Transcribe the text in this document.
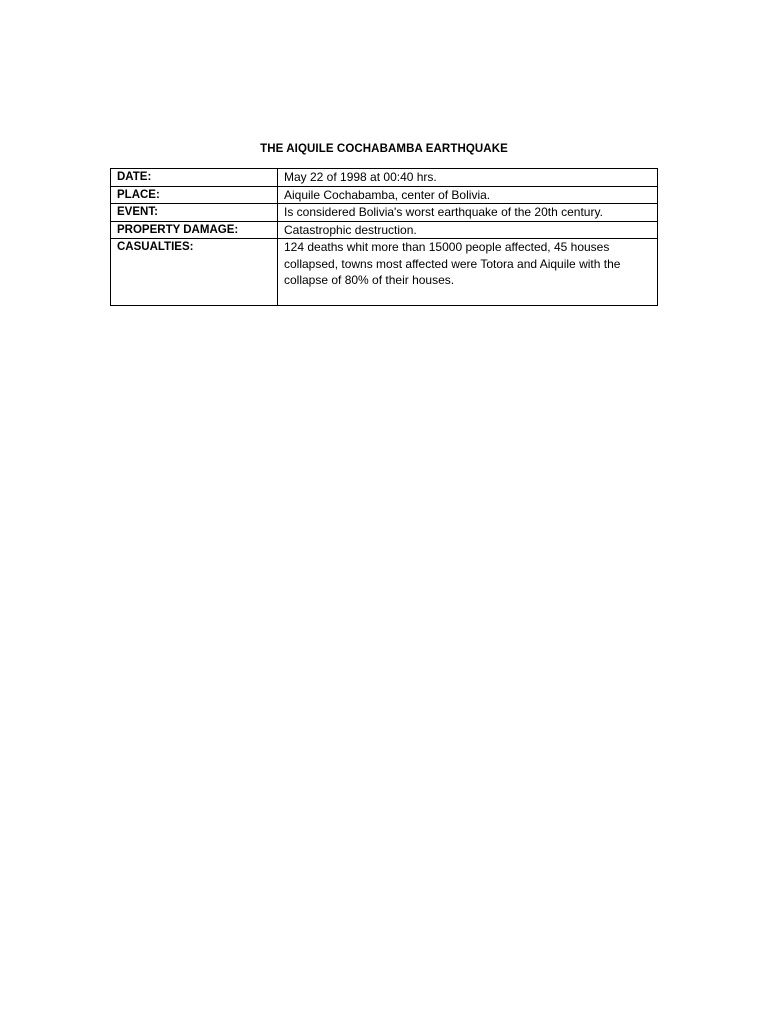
THE AIQUILE COCHABAMBA EARTHQUAKE
DATE:	May 22 of 1998 at 00:40 hrs.
PLACE:	Aiquile Cochabamba, center of Bolivia.
EVENT:	Is considered Bolivia's worst earthquake of the 20th century.
PROPERTY DAMAGE:	Catastrophic destruction.
CASUALTIES:	124 deaths whit more than 15000 people affected, 45 houses collapsed, towns most affected were Totora and Aiquile with the collapse of 80% of their houses.
